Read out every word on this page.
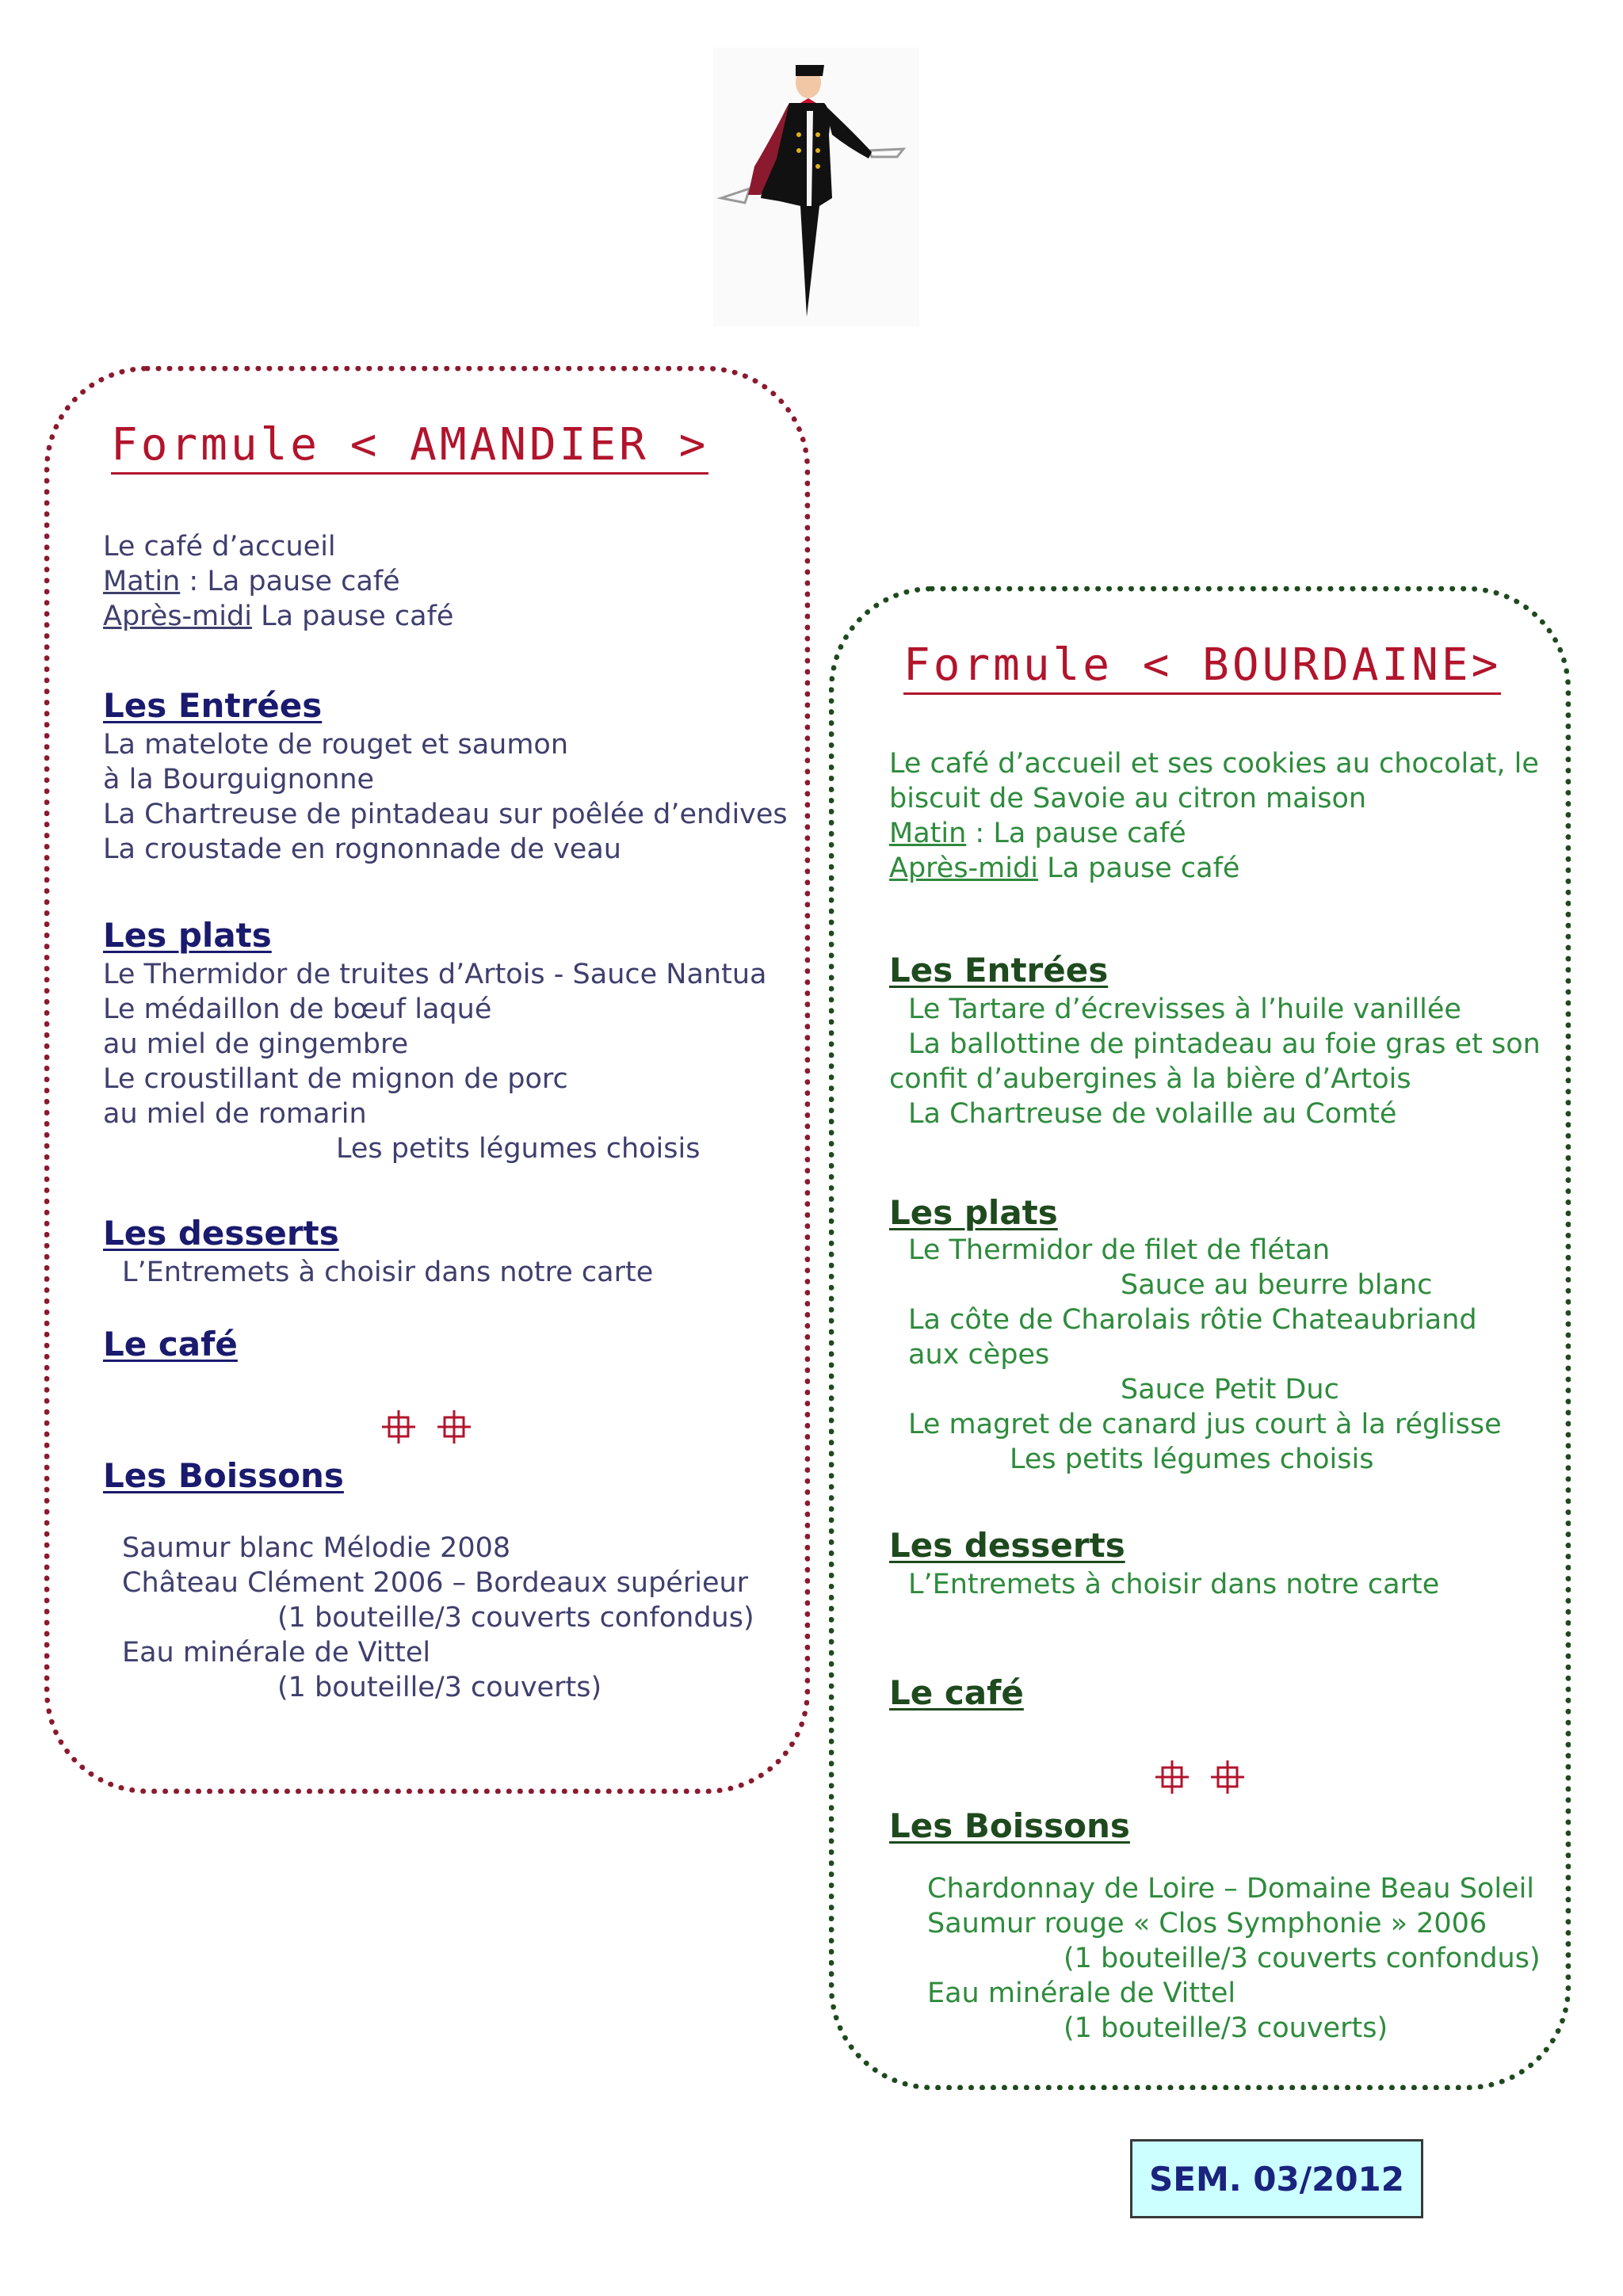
Formule < AMANDIER >
Le café d’accueil
Matin : La pause café
Après-midi La pause café
Les Entrées
La matelote de rouget et saumon
à la Bourguignonne
La Chartreuse de pintadeau sur poêlée d’endives
La croustade en rognonnade de veau
Les plats
Le Thermidor de truites d’Artois - Sauce Nantua
Le médaillon de bœuf laqué
au miel de gingembre
Le croustillant de mignon de porc
au miel de romarin
Les petits légumes choisis
Les desserts
L’Entremets à choisir dans notre carte
Le café
Les Boissons
Saumur blanc Mélodie 2008
Château Clément 2006 – Bordeaux supérieur
(1 bouteille/3 couverts confondus)
Eau minérale de Vittel
(1 bouteille/3 couverts)
Formule < BOURDAINE>
Le café d’accueil et ses cookies au chocolat, le
biscuit de Savoie au citron maison
Matin : La pause café
Après-midi La pause café
Les Entrées
Le Tartare d’écrevisses à l’huile vanillée
La ballottine de pintadeau au foie gras et son
confit d’aubergines à la bière d’Artois
La Chartreuse de volaille au Comté
Les plats
Le Thermidor de filet de flétan
Sauce au beurre blanc
La côte de Charolais rôtie Chateaubriand
aux cèpes
Sauce Petit Duc
Le magret de canard jus court à la réglisse
Les petits légumes choisis
Les desserts
L’Entremets à choisir dans notre carte
Le café
Les Boissons
Chardonnay de Loire – Domaine Beau Soleil
Saumur rouge « Clos Symphonie » 2006
(1 bouteille/3 couverts confondus)
Eau minérale de Vittel
(1 bouteille/3 couverts)
SEM. 03/2012
